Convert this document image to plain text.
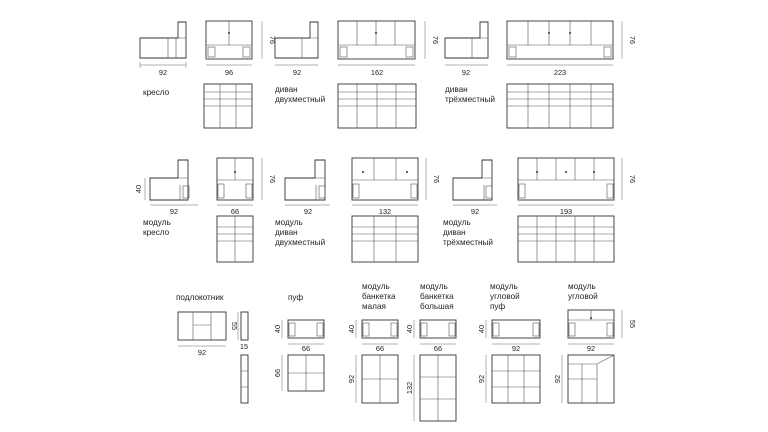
92	96
76
кресло
92	162
76
диван
двухместный
92	223
76
диван
трёхместный
40
92	66
76
модуль
кресло
92	132
76
модуль
диван
двухместный
92	193
76
модуль
диван
трёхместный
подлокотник
92
55
15
пуф
40
66
66
модуль
банкетка
малая
40
66
92
модуль
банкетка
большая
40
66
132
модуль
угловой
пуф
40
92
92
модуль
угловой
55
92
92
